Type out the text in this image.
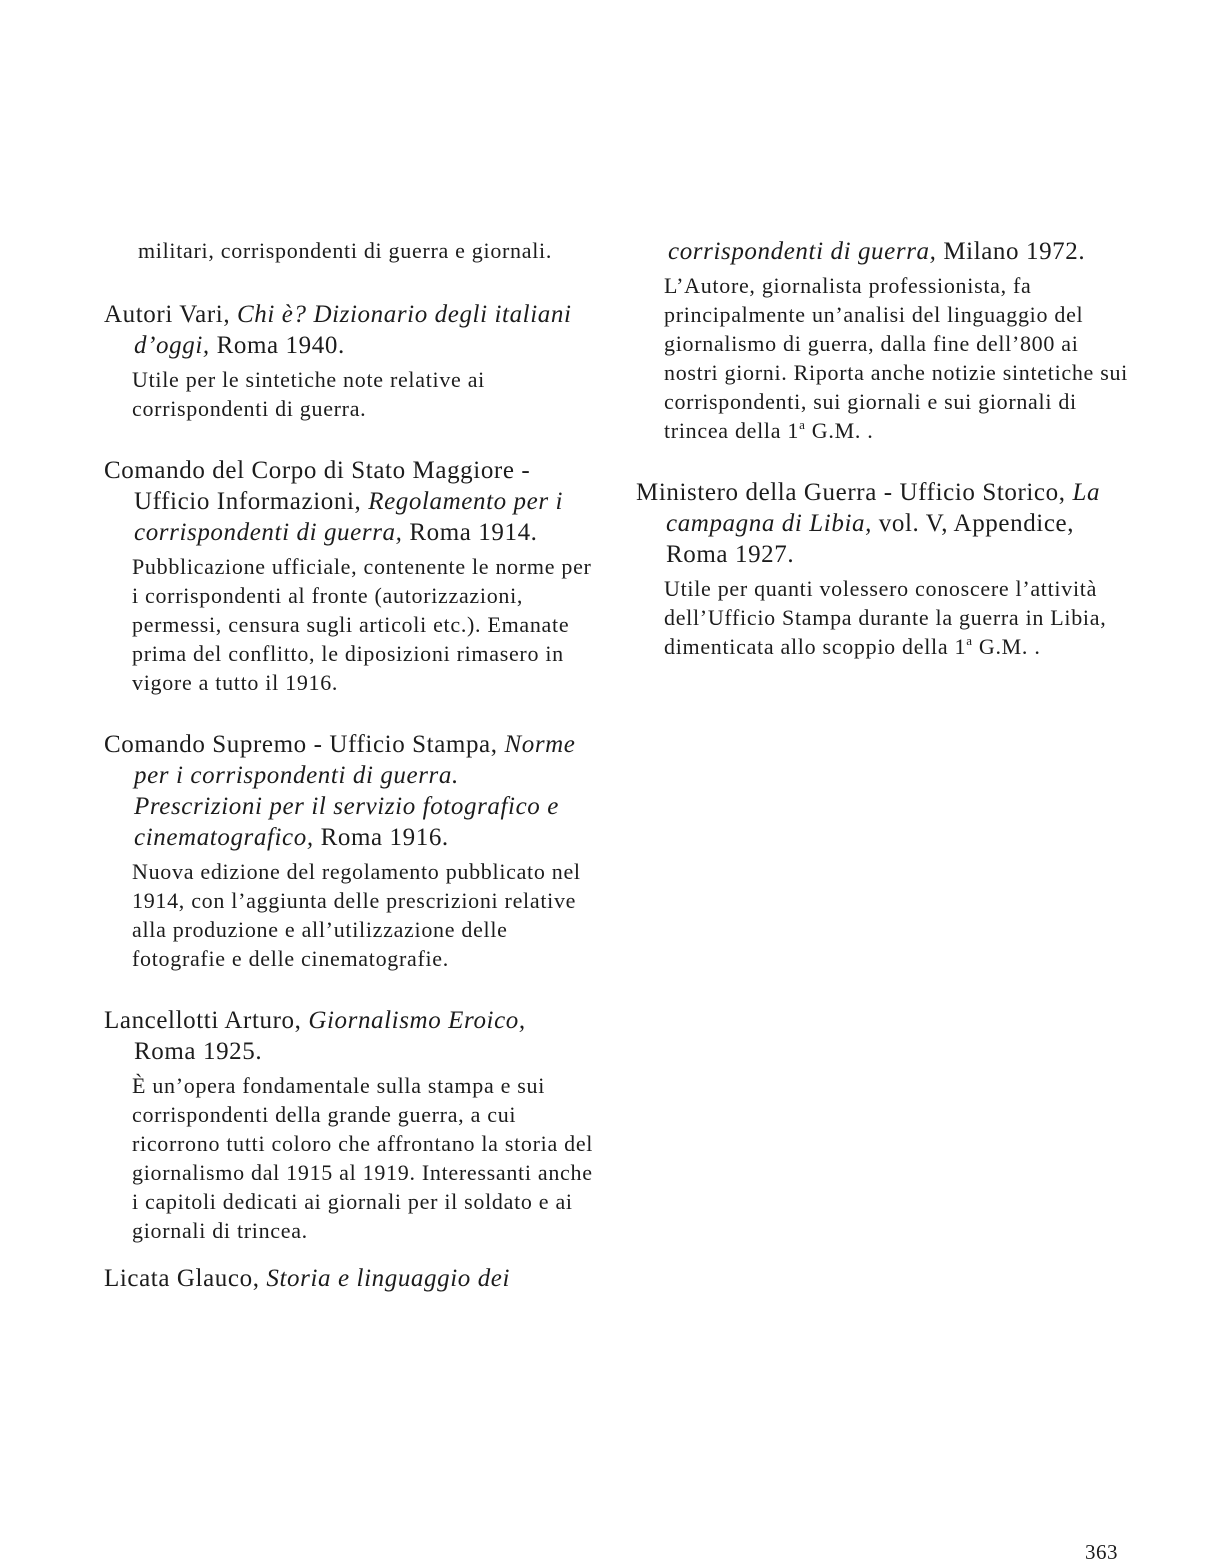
militari, corrispondenti di guerra e giornali.

Autori Vari, Chi è? Dizionario degli italiani d’oggi, Roma 1940.

Utile per le sintetiche note relative ai corrispondenti di guerra.

Comando del Corpo di Stato Maggiore - Ufficio Informazioni, Regolamento per i corrispondenti di guerra, Roma 1914.

Pubblicazione ufficiale, contenente le norme per i corrispondenti al fronte (autorizzazioni, permessi, censura sugli articoli etc.). Emanate prima del conflitto, le diposizioni rimasero in vigore a tutto il 1916.

Comando Supremo - Ufficio Stampa, Norme per i corrispondenti di guerra. Prescrizioni per il servizio fotografico e cinematografico, Roma 1916.

Nuova edizione del regolamento pubblicato nel 1914, con l’aggiunta delle prescrizioni relative alla produzione e all’utilizzazione delle fotografie e delle cinematografie.

Lancellotti Arturo, Giornalismo Eroico, Roma 1925.

È un’opera fondamentale sulla stampa e sui corrispondenti della grande guerra, a cui ricorrono tutti coloro che affrontano la storia del giornalismo dal 1915 al 1919. Interessanti anche i capitoli dedicati ai giornali per il soldato e ai giornali di trincea.

Licata Glauco, Storia e linguaggio dei

corrispondenti di guerra, Milano 1972.

L’Autore, giornalista professionista, fa principalmente un’analisi del linguaggio del giornalismo di guerra, dalla fine dell’800 ai nostri giorni. Riporta anche notizie sintetiche sui corrispondenti, sui giornali e sui giornali di trincea della 1$^a$ G.M. .

Ministero della Guerra - Ufficio Storico, La campagna di Libia, vol. V, Appendice, Roma 1927.

Utile per quanti volessero conoscere l’attività dell’Ufficio Stampa durante la guerra in Libia, dimenticata allo scoppio della 1$^a$ G.M. .

363
